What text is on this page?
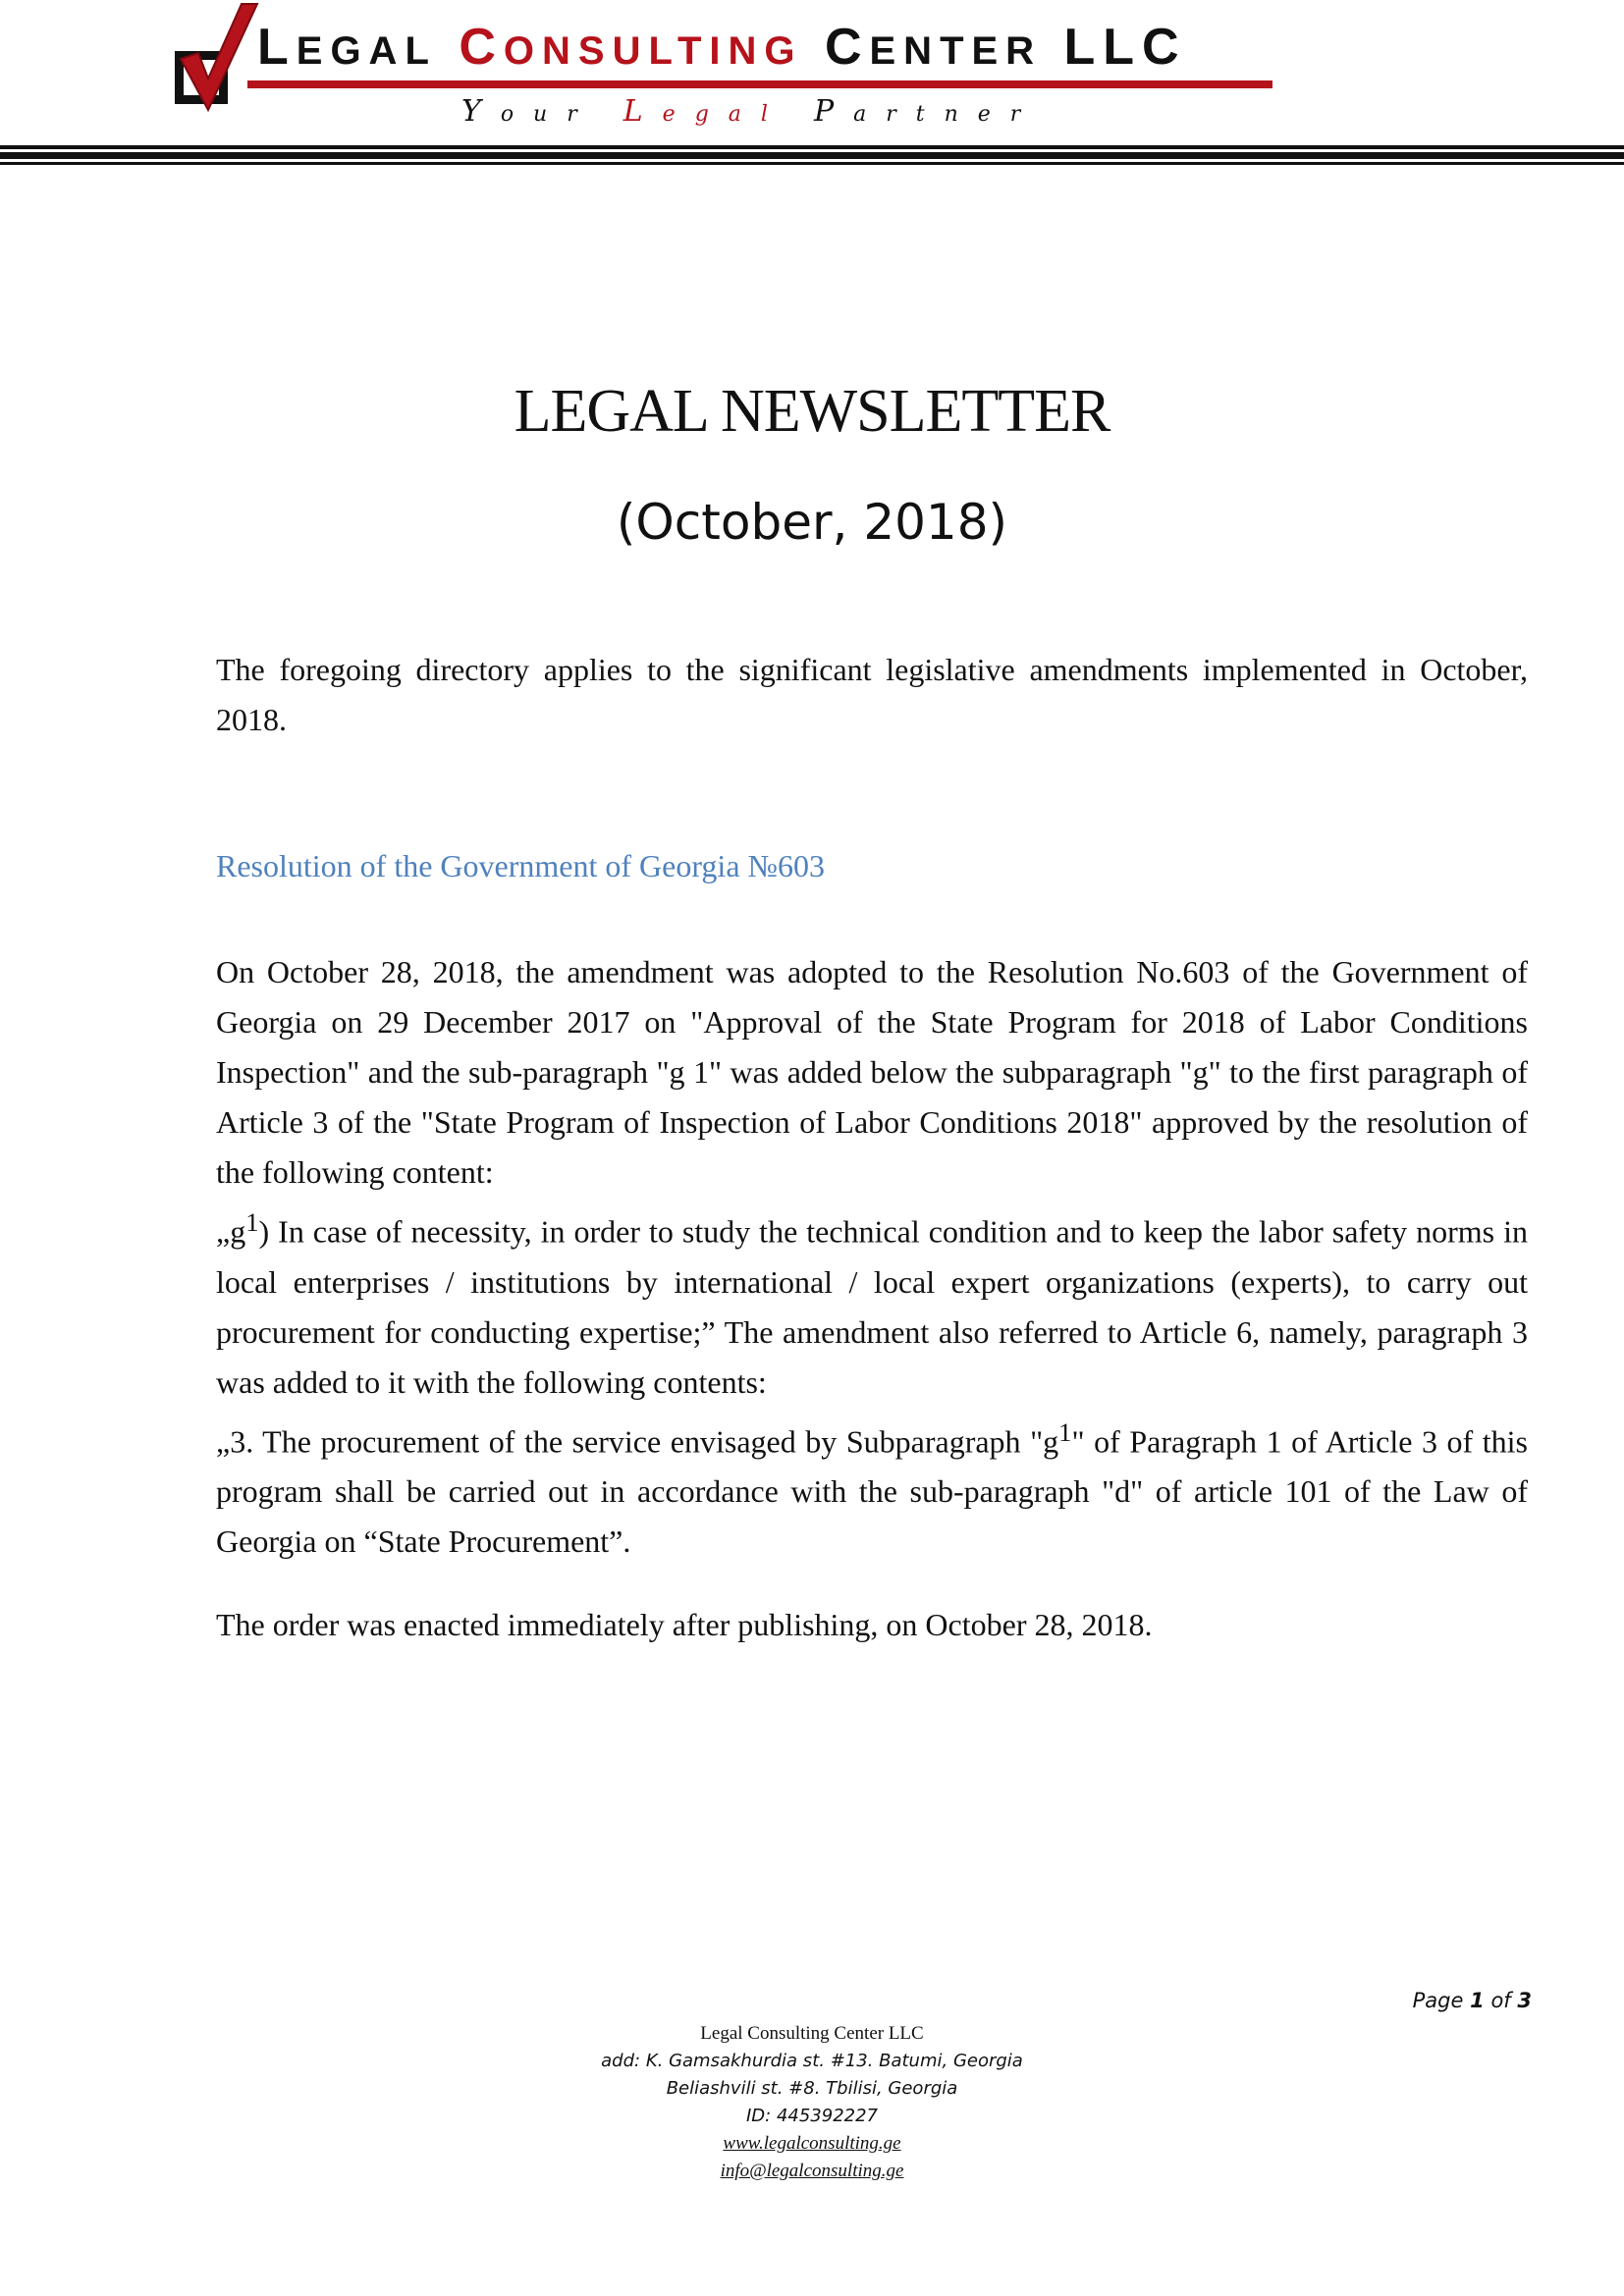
LEGAL CONSULTING CENTER LLC
Your Legal Partner
LEGAL NEWSLETTER
(October, 2018)

The foregoing directory applies to the significant legislative amendments implemented in October, 2018.

Resolution of the Government of Georgia №603
On October 28, 2018, the amendment was adopted to the Resolution No.603 of the Government of Georgia on 29 December 2017 on "Approval of the State Program for 2018 of Labor Conditions Inspection" and the sub-paragraph "g 1" was added below the subparagraph "g" to the first paragraph of Article 3 of the "State Program of Inspection of Labor Conditions 2018" approved by the resolution of the following content:
$„g^1$) In case of necessity, in order to study the technical condition and to keep the labor safety norms in local enterprises / institutions by international / local expert organizations (experts), to carry out procurement for conducting expertise;” The amendment also referred to Article 6, namely, paragraph 3 was added to it with the following contents:
„3. The procurement of the service envisaged by Subparagraph "$g^1$" of Paragraph 1 of Article 3 of this program shall be carried out in accordance with the sub-paragraph "d" of article 101 of the Law of Georgia on “State Procurement”.

The order was enacted immediately after publishing, on October 28, 2018.

Page 1 of 3
Legal Consulting Center LLC
add: K. Gamsakhurdia st. #13. Batumi, Georgia
Beliashvili st. #8. Tbilisi, Georgia
ID: 445392227
www.legalconsulting.ge
info@legalconsulting.ge
